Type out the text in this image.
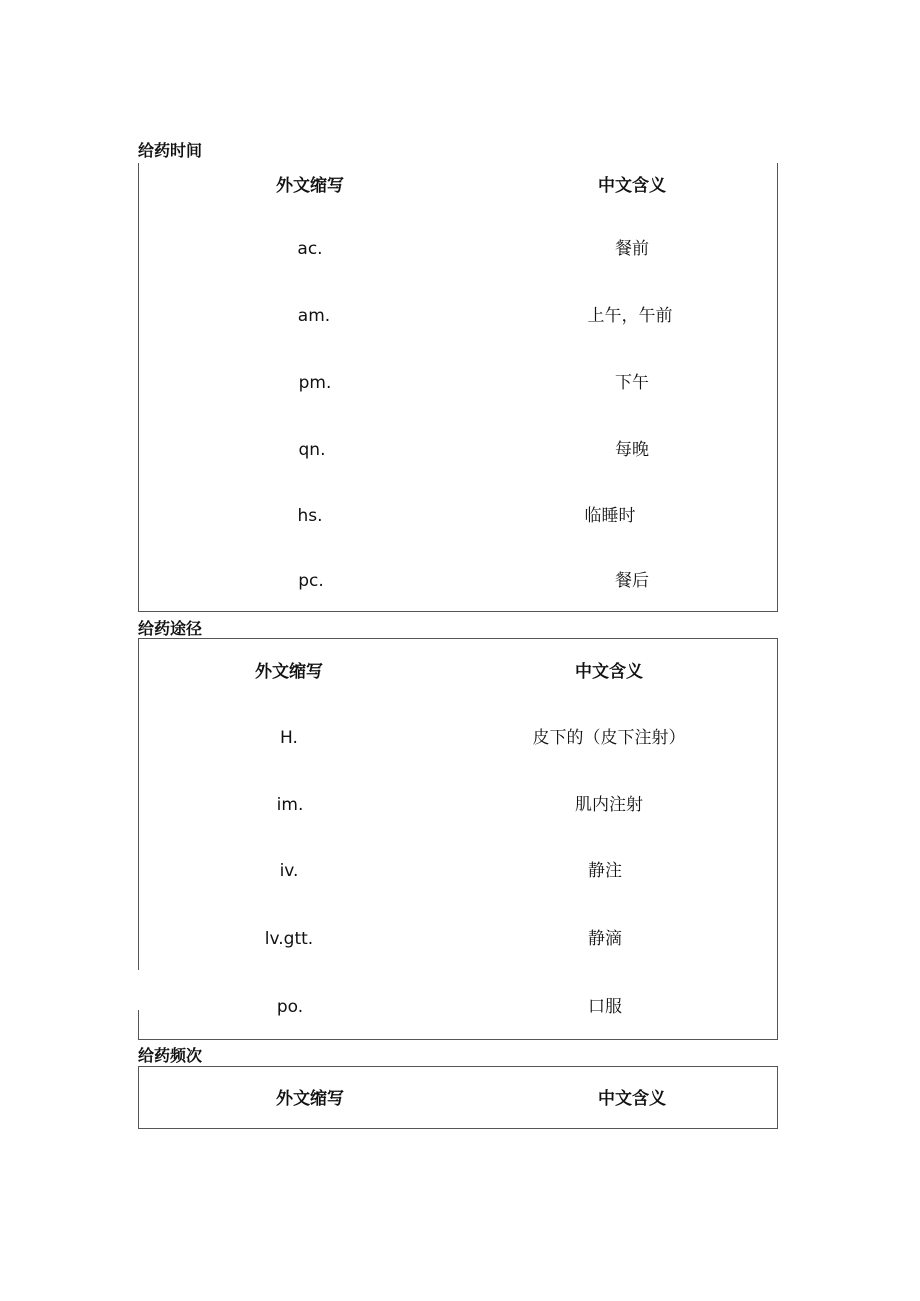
给药时间
外文缩写	中文含义
ac.	餐前
am.	上午，午前
pm.	下午
qn.	每晚
hs.	临睡时
pc.	餐后
给药途径
外文缩写	中文含义
H.	皮下的（皮下注射）
im.	肌内注射
iv.	静注
lv.gtt.	静滴
po.	口服
给药频次
外文缩写	中文含义
